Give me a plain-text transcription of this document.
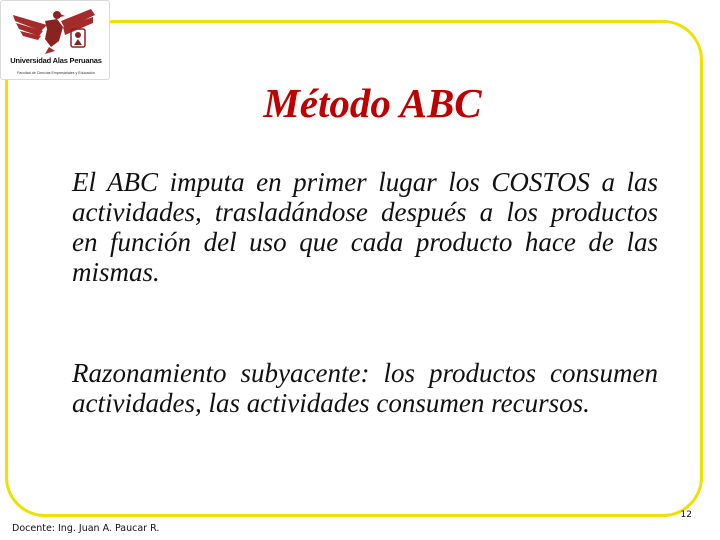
Universidad Alas Peruanas
Facultad de Ciencias Empresariales y Educación
Método ABC

El ABC imputa en primer lugar los COSTOS a las actividades, trasladándose después a los productos en función del uso que cada producto hace de las mismas.

Razonamiento subyacente: los productos consumen actividades, las actividades consumen recursos.

Docente: Ing. Juan A. Paucar R.
12
